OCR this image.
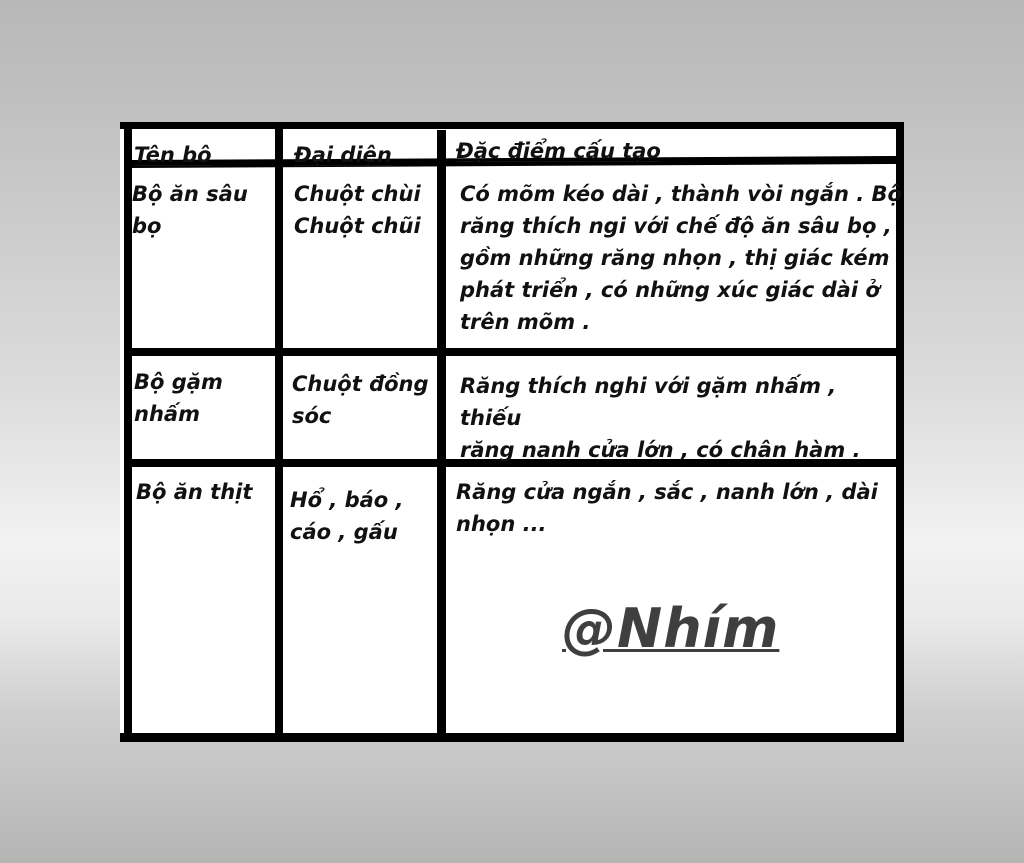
Tên bô	Đại diện	Đặc điểm cấu tạo
Bộ ăn sâu
bọ
Chuột chùi
Chuột chũi
Có mõm kéo dài , thành vòi ngắn . Bộ
răng thích ngi với chế độ ăn sâu bọ ,
gồm những răng nhọn , thị giác kém
phát triển , có những xúc giác dài ở
trên mõm .
Bộ gặm
nhấm
Chuột đồng
sóc
Răng thích nghi với gặm nhấm , thiếu
răng nanh cửa lớn , có chân hàm .
Bộ ăn thịt Hổ , báo ,
cáo , gấu
Răng cửa ngắn , sắc , nanh lớn , dài
nhọn ...
@Nhím
